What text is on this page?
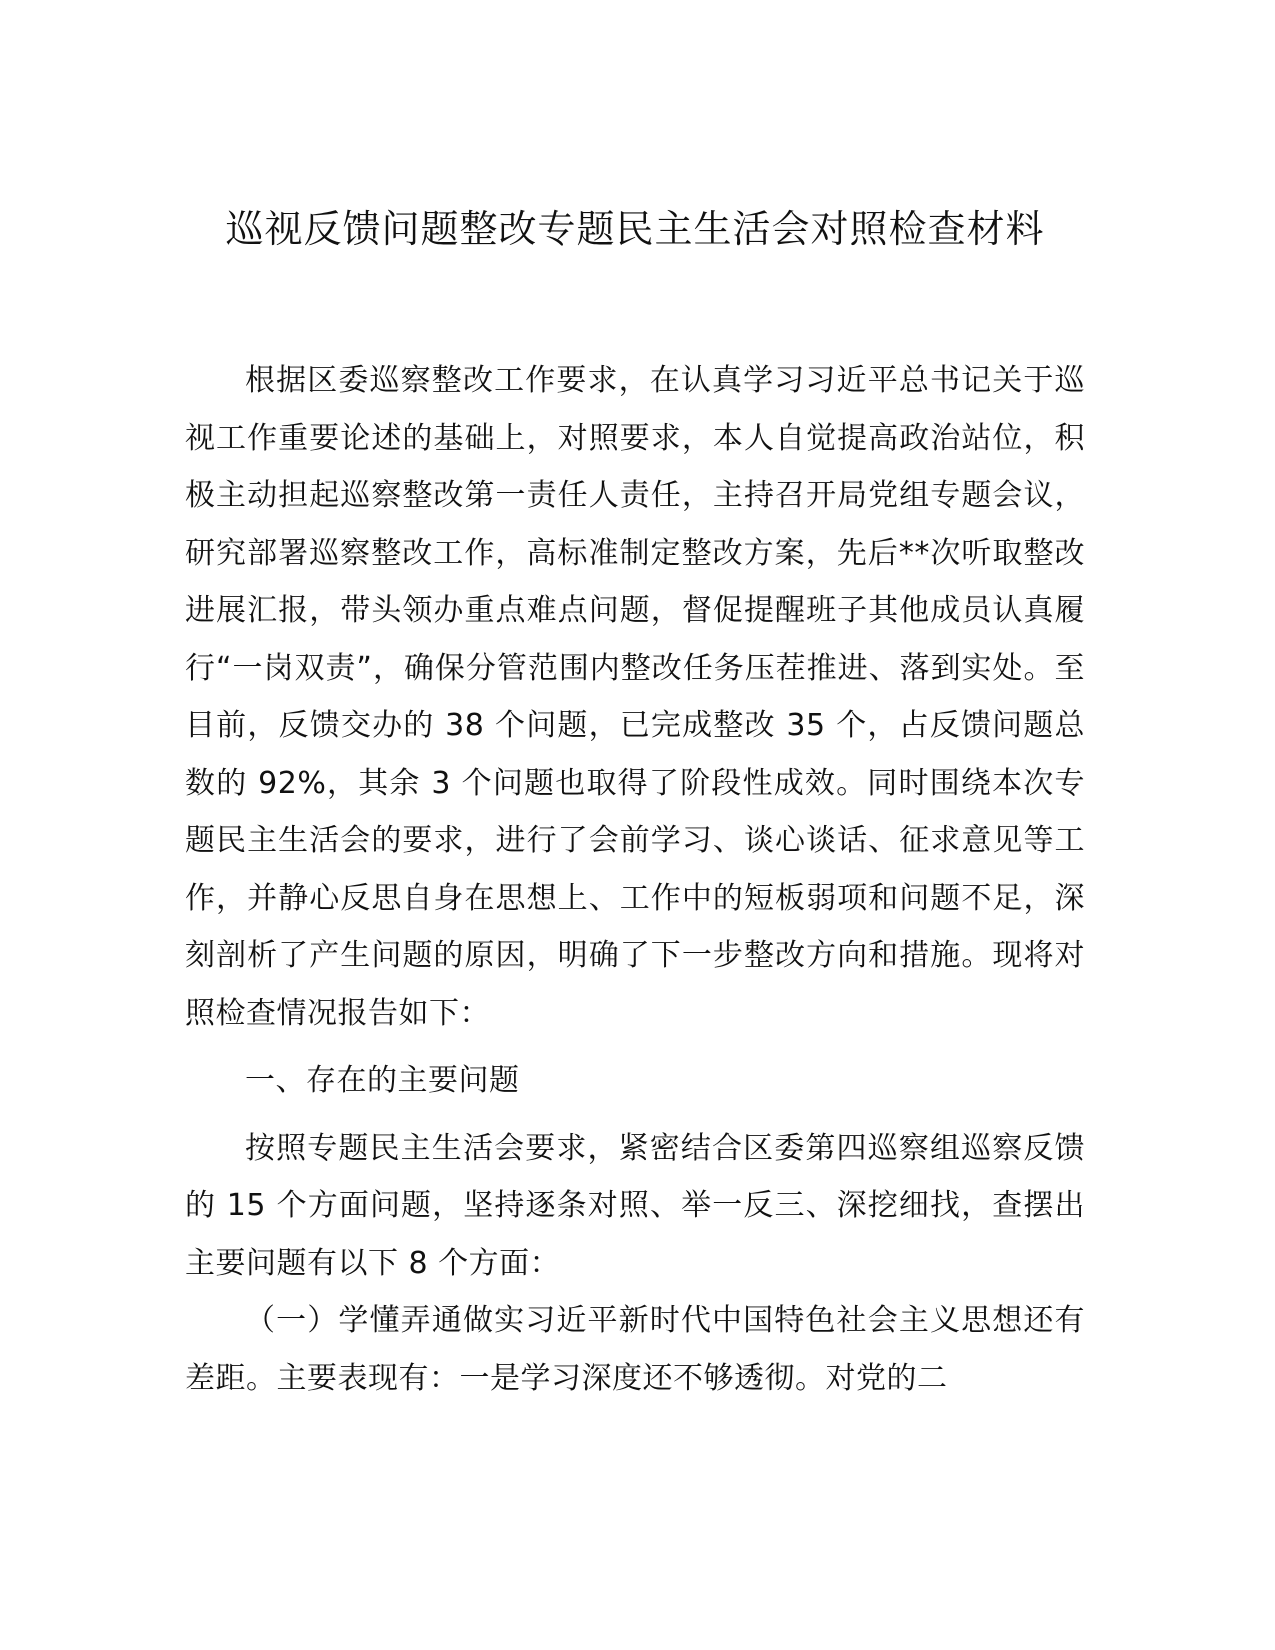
巡视反馈问题整改专题民主生活会对照检查材料

根据区委巡察整改工作要求，在认真学习习近平总书记关于巡视工作重要论述的基础上，对照要求，本人自觉提高政治站位，积极主动担起巡察整改第一责任人责任，主持召开局党组专题会议，研究部署巡察整改工作，高标准制定整改方案，先后**次听取整改进展汇报，带头领办重点难点问题，督促提醒班子其他成员认真履行“一岗双责”，确保分管范围内整改任务压茬推进、落到实处。至目前，反馈交办的 38 个问题，已完成整改 35 个，占反馈问题总数的 92%，其余 3 个问题也取得了阶段性成效。同时围绕本次专题民主生活会的要求，进行了会前学习、谈心谈话、征求意见等工作，并静心反思自身在思想上、工作中的短板弱项和问题不足，深刻剖析了产生问题的原因，明确了下一步整改方向和措施。现将对照检查情况报告如下：

一、存在的主要问题

按照专题民主生活会要求，紧密结合区委第四巡察组巡察反馈的 15 个方面问题，坚持逐条对照、举一反三、深挖细找，查摆出主要问题有以下 8 个方面：

（一）学懂弄通做实习近平新时代中国特色社会主义思想还有差距。主要表现有：一是学习深度还不够透彻。对党的二
